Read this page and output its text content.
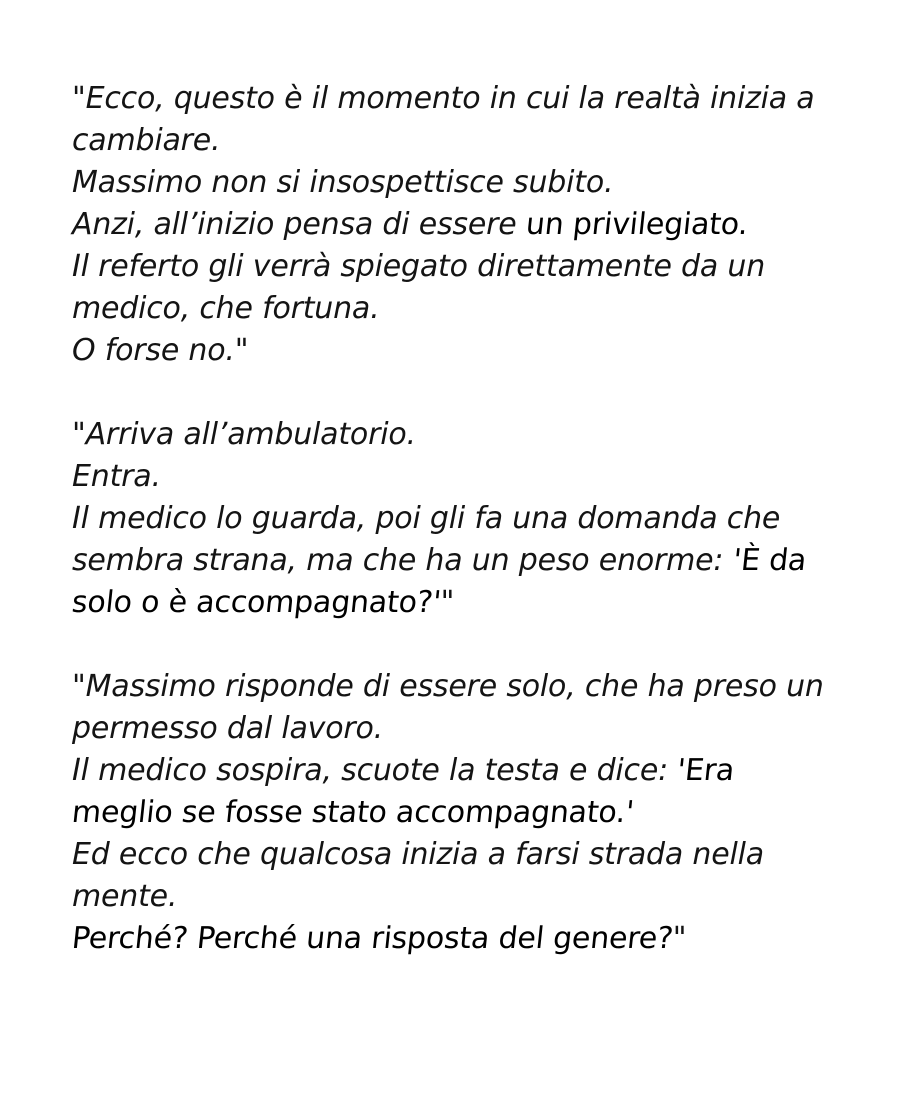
"Ecco, questo è il momento in cui la realtà inizia a
cambiare.
Massimo non si insospettisce subito.
Anzi, all’inizio pensa di essere un privilegiato.
Il referto gli verrà spiegato direttamente da un
medico, che fortuna.
O forse no."

"Arriva all’ambulatorio.
Entra.
Il medico lo guarda, poi gli fa una domanda che
sembra strana, ma che ha un peso enorme: 'È da
solo o è accompagnato?'"

"Massimo risponde di essere solo, che ha preso un
permesso dal lavoro.
Il medico sospira, scuote la testa e dice: 'Era
meglio se fosse stato accompagnato.'
Ed ecco che qualcosa inizia a farsi strada nella
mente.
Perché? Perché una risposta del genere?"
